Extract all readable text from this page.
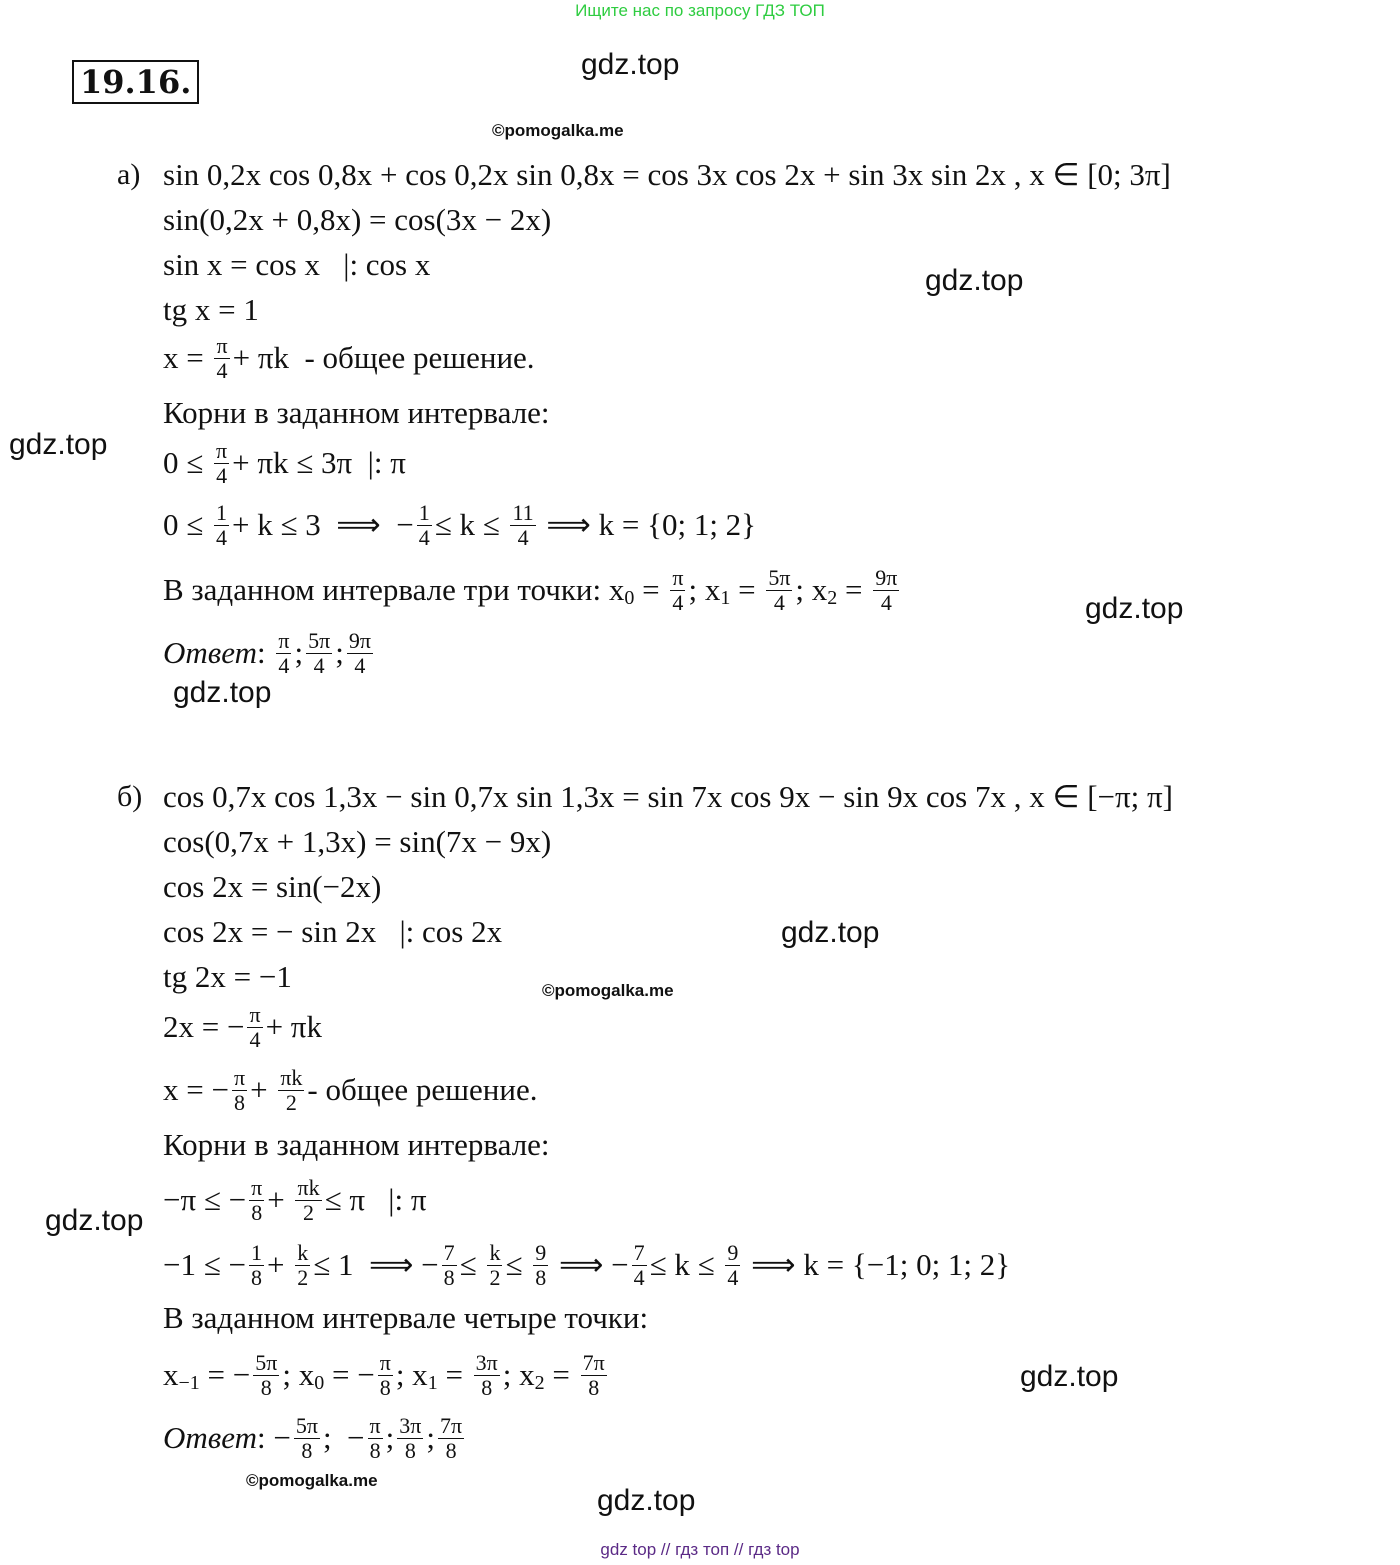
Ищите нас по запросу ГДЗ ТОП
19.16.	gdz.top
gdz.top
gdz.top
gdz.top
gdz.top
gdz.top
gdz.top
gdz.top
gdz.top
©pomogalka.me
©pomogalka.me
©pomogalka.me
а)
б)
sin 0,2x cos 0,8x + cos 0,2x sin 0,8x = cos 3x cos 2x + sin 3x sin 2x , x ∈ [0; 3π]
sin(0,2x + 0,8x) = cos(3x − 2x)
sin x = cos x   |: cos x
tg x = 1
$x = \frac{\pi}{4} + \pi k$  - общее решение.
Корни в заданном интервале:
$0 \le \frac{\pi}{4} + \pi k \le 3\pi$  |: π
$0 \le \frac{1}{4} + k \le 3$  ⟹  − $\frac{1}{4} \le k \le \frac{11}{4}$ ⟹ k = {0; 1; 2}
В заданном интервале три точки: x $0 = \frac{\pi}{4}$ ; x $1 = \frac{5\pi}{4}$ ; x $2 = \frac{9\pi}{4}$
Ответ : $\frac{\pi}{4}$ ; $\frac{5\pi}{4}$ ; $\frac{9\pi}{4}$
cos 0,7x cos 1,3x − sin 0,7x sin 1,3x = sin 7x cos 9x − sin 9x cos 7x , x ∈ [−π; π]
cos(0,7x + 1,3x) = sin(7x − 9x)
cos 2x = sin(−2x)
cos 2x = − sin 2x   |: cos 2x
tg 2x = −1
2x = − $\frac{\pi}{4} + \pi k$
x = − $\frac{\pi}{8} + \frac{\pi k}{2}$ - общее решение.
Корни в заданном интервале:
−π ≤ − $\frac{\pi}{8} + \frac{\pi k}{2} \le \pi$   |: π
−1 ≤ − $\frac{1}{8} + \frac{k}{2} \le 1$  ⟹ − $\frac{7}{8} \le \frac{k}{2} \le \frac{9}{8}$ ⟹ − $\frac{7}{4} \le k \le \frac{9}{4}$ ⟹ k = {−1; 0; 1; 2}
В заданном интервале четыре точки:
x −1 = − $\frac{5\pi}{8}$ ; x 0 = − $\frac{\pi}{8}$ ; x $1 = \frac{3\pi}{8}$ ; x $2 = \frac{7\pi}{8}$
Ответ : − $\frac{5\pi}{8}$ ;  − $\frac{\pi}{8}$ ; $\frac{3\pi}{8}$ ; $\frac{7\pi}{8}$
gdz top // гдз топ // гдз top
